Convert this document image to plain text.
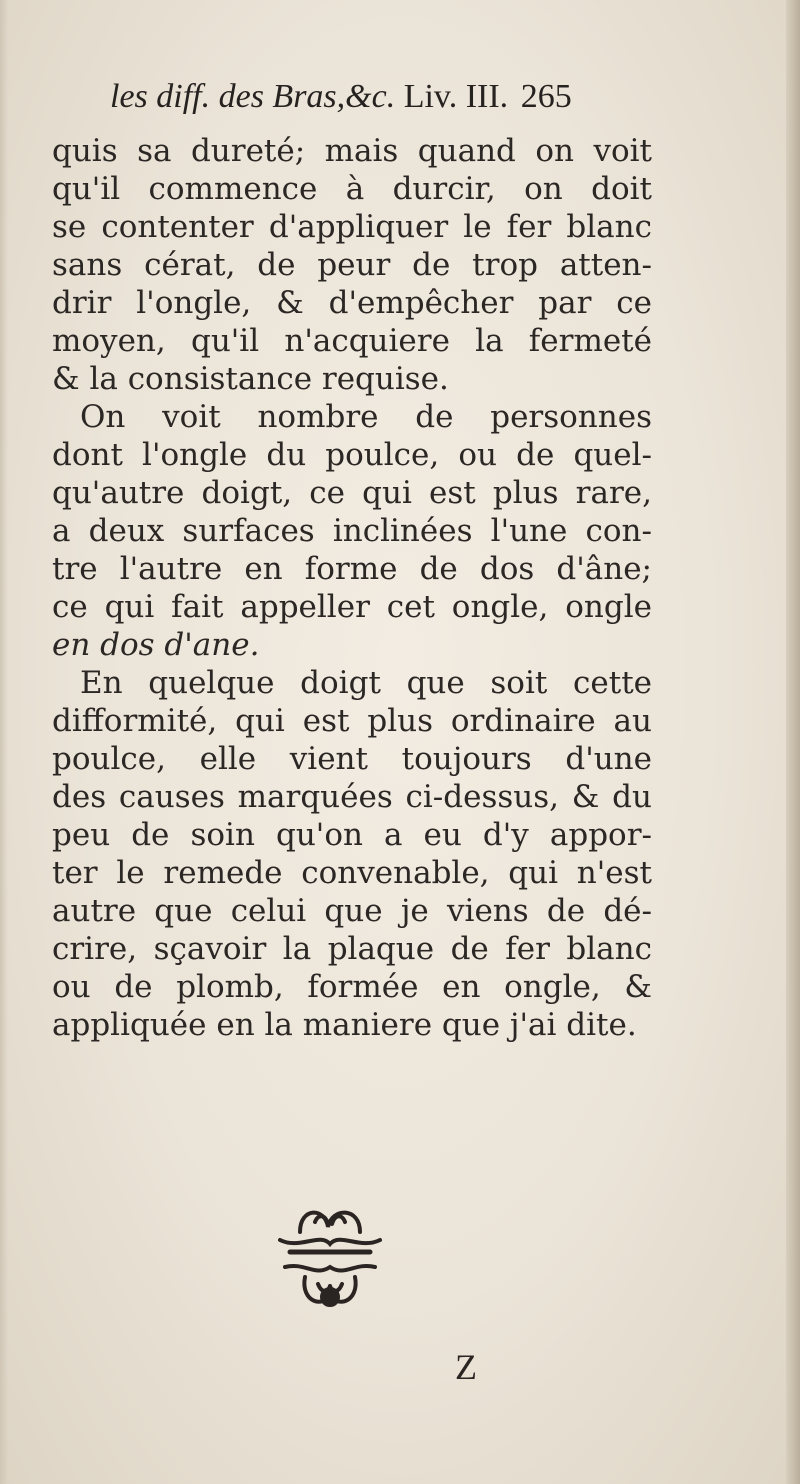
les diff. des Bras,&c. Liv. III. 265
quis sa dureté; mais quand on voit
qu'il commence à durcir, on doit
se contenter d'appliquer le fer blanc
sans cérat, de peur de trop atten-
drir l'ongle, & d'empêcher par ce
moyen, qu'il n'acquiere la fermeté
& la consistance requise.
On voit nombre de personnes
dont l'ongle du poulce, ou de quel-
qu'autre doigt, ce qui est plus rare,
a deux surfaces inclinées l'une con-
tre l'autre en forme de dos d'âne;
ce qui fait appeller cet ongle, ongle
en dos d'ane.
En quelque doigt que soit cette
difformité, qui est plus ordinaire au
poulce, elle vient toujours d'une
des causes marquées ci-dessus, & du
peu de soin qu'on a eu d'y appor-
ter le remede convenable, qui n'est
autre que celui que je viens de dé-
crire, sçavoir la plaque de fer blanc
ou de plomb, formée en ongle, &
appliquée en la maniere que j'ai dite.
Z
